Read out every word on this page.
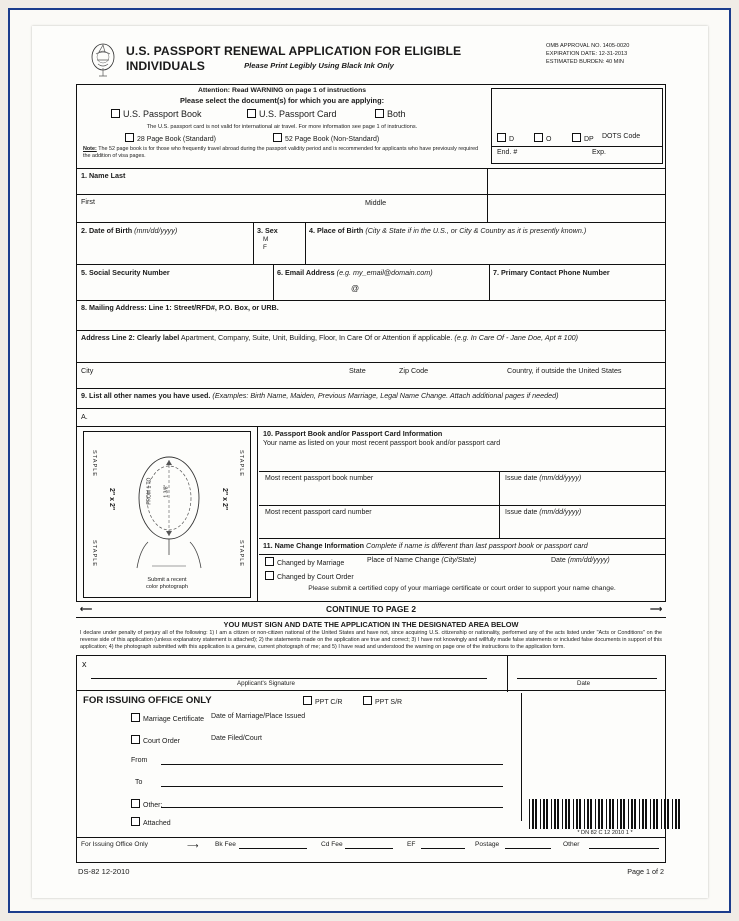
U.S. PASSPORT RENEWAL APPLICATION FOR ELIGIBLE INDIVIDUALS	Please Print Legibly Using Black Ink Only
OMB APPROVAL NO. 1405-0020
EXPIRATION DATE: 12-31-2013
ESTIMATED BURDEN: 40 MIN
Attention: Read WARNING on page 1 of instructions
Please select the document(s) for which you are applying:
U.S. Passport Book	U.S. Passport Card	Both
The U.S. passport card is not valid for international air travel. For more information see page 1 of instructions.
28 Page Book (Standard)	52 Page Book (Non-Standard)
Note: The 52 page book is for those who frequently travel abroad during the passport validity period and is recommended for applicants who have previously required the addition of visa pages.
D	O	DP DOTS Code
End. #	Exp.
1. Name Last
First	Middle
2. Date of Birth (mm/dd/yyyy)	3. Sex
M
F
4. Place of Birth (City & State if in the U.S., or City & Country as it is presently known.)
5. Social Security Number	6. Email Address (e.g. my_email@domain.com)
@
7. Primary Contact Phone Number
8. Mailing Address: Line 1: Street/RFD#, P.O. Box, or URB.
Address Line 2: Clearly label Apartment, Company, Suite, Unit, Building, Floor, In Care Of or Attention if applicable. (e.g. In Care Of - Jane Doe, Apt # 100)
City	State	Zip Code	Country, if outside the United States
9. List all other names you have used. (Examples: Birth Name, Maiden, Previous Marriage, Legal Name Change. Attach additional pages if needed)
A.
STAPLE
STAPLE
STAPLE
STAPLE
2" x 2"	2" x 2"
FROM 1 TO 1 3/8"
Submit a recent
color photograph
10. Passport Book and/or Passport Card Information
Your name as listed on your most recent passport book and/or passport card
Most recent passport book number	Issue date (mm/dd/yyyy)
Most recent passport card number	Issue date (mm/dd/yyyy)
11. Name Change Information Complete if name is different than last passport book or passport card
Changed by Marriage	Place of Name Change (City/State)	Date (mm/dd/yyyy)
Changed by Court Order
Please submit a certified copy of your marriage certificate or court order to support your name change.
⟵	CONTINUE TO PAGE 2	⟶
YOU MUST SIGN AND DATE THE APPLICATION IN THE DESIGNATED AREA BELOW
I declare under penalty of perjury all of the following: 1) I am a citizen or non-citizen national of the United States and have not, since acquiring U.S. citizenship or nationality, performed any of the acts listed under "Acts or Conditions" on the reverse side of this application (unless explanatory statement is attached); 2) the statements made on the application are true and correct; 3) I have not knowingly and willfully made false statements or included false documents in support of this application; 4) the photograph submitted with this application is a genuine, current photograph of me; and 5) I have read and understood the warning on page one of the instructions to the application form.
x
Applicant's Signature	Date
FOR ISSUING OFFICE ONLY	PPT C/R	PPT S/R
Marriage Certificate Date of Marriage/Place Issued
Court Order	Date Filed/Court
From
To
Other:
Attached
* DN 82 C 12 2010 1 *
For Issuing Office Only	⟶	Bk Fee	Cd Fee	EF	Postage	Other
DS-82 12-2010	Page 1 of 2
